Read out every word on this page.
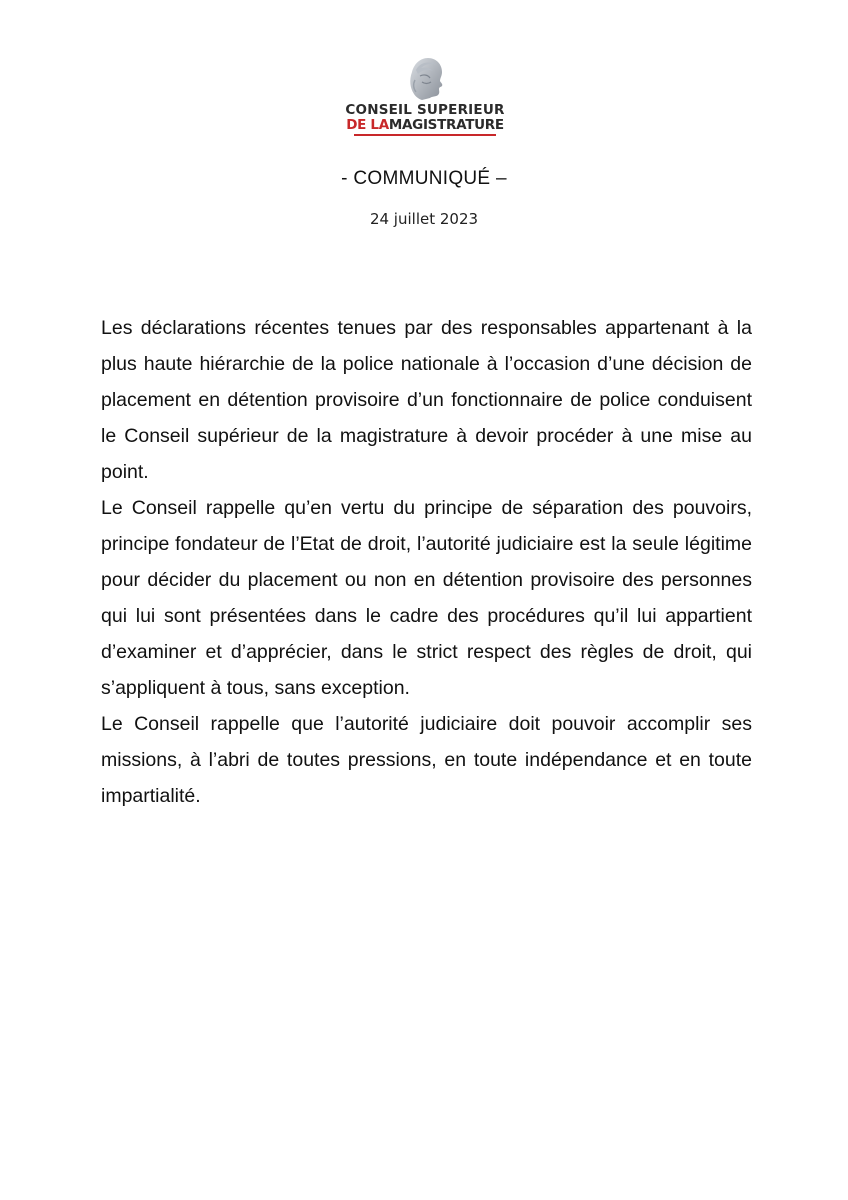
CONSEIL SUPERIEUR
DE LAMAGISTRATURE
- COMMUNIQUÉ –
24 juillet 2023

Les déclarations récentes tenues par des responsables appartenant à la plus haute hiérarchie de la police nationale à l’occasion d’une décision de placement en détention provisoire d’un fonctionnaire de police conduisent le Conseil supérieur de la magistrature à devoir procéder à une mise au point.

Le Conseil rappelle qu’en vertu du principe de séparation des pouvoirs, principe fondateur de l’Etat de droit, l’autorité judiciaire est la seule légitime pour décider du placement ou non en détention provisoire des personnes qui lui sont présentées dans le cadre des procédures qu’il lui appartient d’examiner et d’apprécier, dans le strict respect des règles de droit, qui s’appliquent à tous, sans exception.

Le Conseil rappelle que l’autorité judiciaire doit pouvoir accomplir ses missions, à l’abri de toutes pressions, en toute indépendance et en toute impartialité.
